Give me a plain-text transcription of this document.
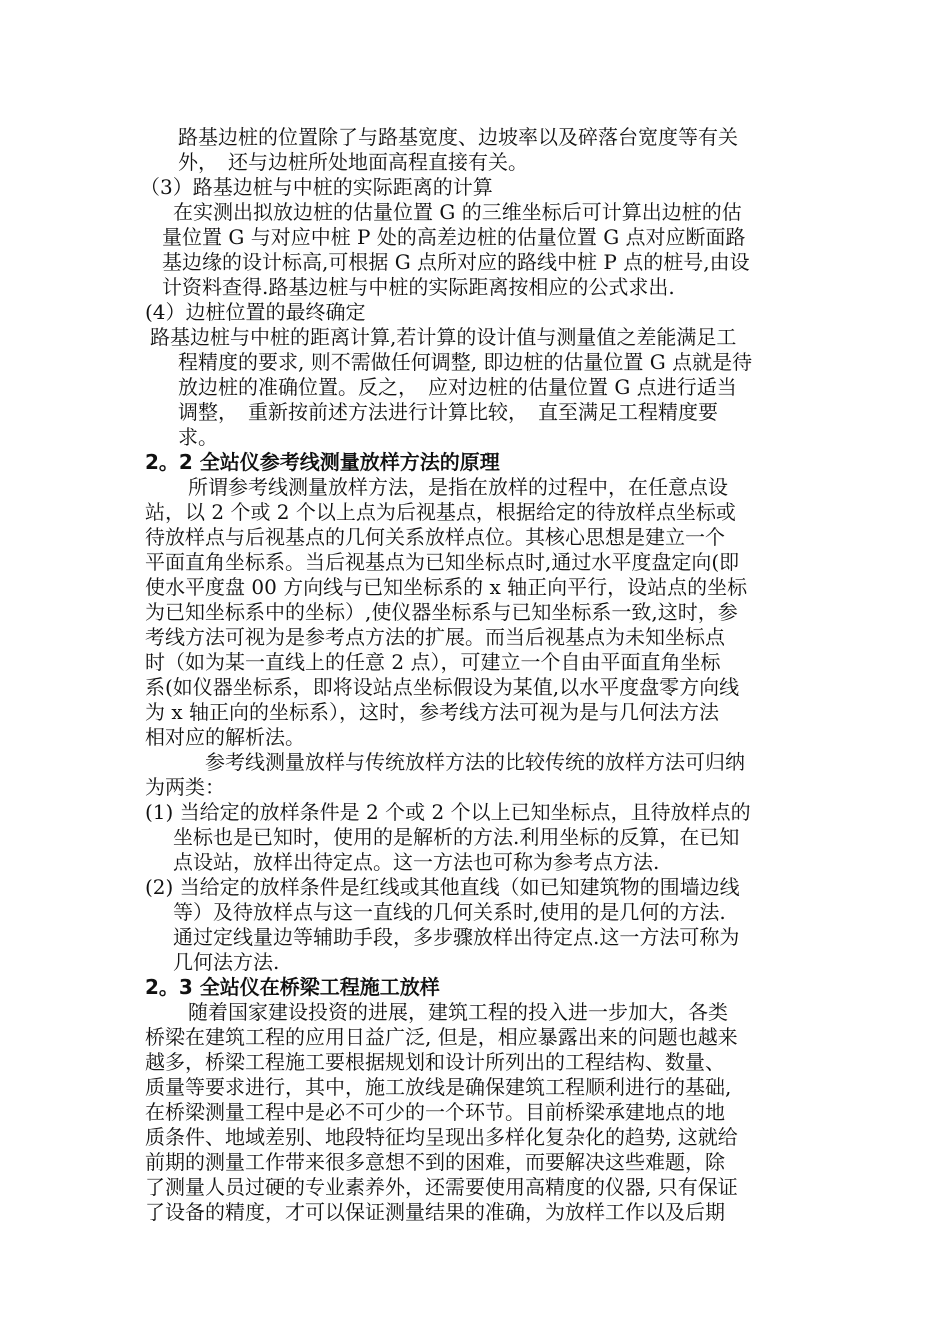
路基边桩的位置除了与路基宽度、边坡率以及碎落台宽度等有关
外，　还与边桩所处地面高程直接有关。
（3）路基边桩与中桩的实际距离的计算
在实测出拟放边桩的估量位置 G 的三维坐标后可计算出边桩的估
量位置 G 与对应中桩 P 处的高差边桩的估量位置 G 点对应断面路
基边缘的设计标高,可根据 G 点所对应的路线中桩 P 点的桩号,由设
计资料查得.路基边桩与中桩的实际距离按相应的公式求出.
(4）边桩位置的最终确定
路基边桩与中桩的距离计算,若计算的设计值与测量值之差能满足工
程精度的要求, 则不需做任何调整, 即边桩的估量位置 G 点就是待
放边桩的准确位置。反之，　应对边桩的估量位置 G 点进行适当
调整，　重新按前述方法进行计算比较，　直至满足工程精度要
求。
2。2 全站仪参考线测量放样方法的原理
所谓参考线测量放样方法，是指在放样的过程中，在任意点设
站，以 2 个或 2 个以上点为后视基点，根据给定的待放样点坐标或
待放样点与后视基点的几何关系放样点位。其核心思想是建立一个
平面直角坐标系。当后视基点为已知坐标点时,通过水平度盘定向(即
使水平度盘 00 方向线与已知坐标系的 x 轴正向平行，设站点的坐标
为已知坐标系中的坐标）,使仪器坐标系与已知坐标系一致,这时，参
考线方法可视为是参考点方法的扩展。而当后视基点为未知坐标点
时（如为某一直线上的任意 2 点），可建立一个自由平面直角坐标
系(如仪器坐标系，即将设站点坐标假设为某值,以水平度盘零方向线
为 x 轴正向的坐标系），这时，参考线方法可视为是与几何法方法
相对应的解析法。
参考线测量放样与传统放样方法的比较传统的放样方法可归纳
为两类：
(1) 当给定的放样条件是 2 个或 2 个以上已知坐标点，且待放样点的
坐标也是已知时，使用的是解析的方法.利用坐标的反算，在已知
点设站，放样出待定点。这一方法也可称为参考点方法.
(2) 当给定的放样条件是红线或其他直线（如已知建筑物的围墙边线
等）及待放样点与这一直线的几何关系时,使用的是几何的方法.
通过定线量边等辅助手段，多步骤放样出待定点.这一方法可称为
几何法方法.
2。3 全站仪在桥梁工程施工放样
随着国家建设投资的进展，建筑工程的投入进一步加大，各类
桥梁在建筑工程的应用日益广泛, 但是，相应暴露出来的问题也越来
越多，桥梁工程施工要根据规划和设计所列出的工程结构、数量、
质量等要求进行，其中，施工放线是确保建筑工程顺利进行的基础,
在桥梁测量工程中是必不可少的一个环节。目前桥梁承建地点的地
质条件、地域差别、地段特征均呈现出多样化复杂化的趋势, 这就给
前期的测量工作带来很多意想不到的困难，而要解决这些难题，除
了测量人员过硬的专业素养外，还需要使用高精度的仪器, 只有保证
了设备的精度，才可以保证测量结果的准确，为放样工作以及后期
